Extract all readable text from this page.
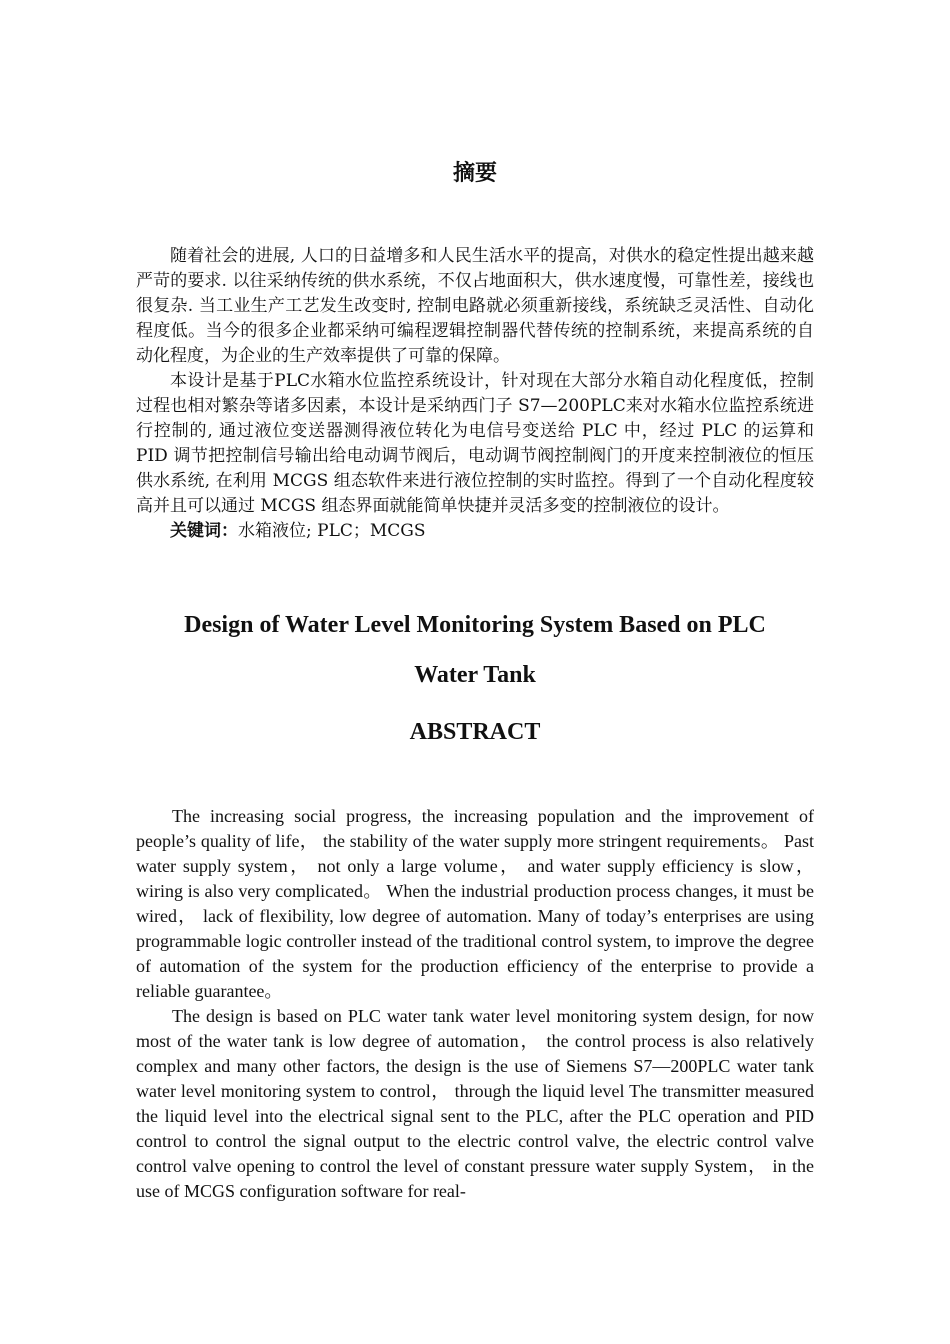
摘要

随着社会的进展, 人口的日益增多和人民生活水平的提高，对供水的稳定性提出越来越严苛的要求. 以往采纳传统的供水系统，不仅占地面积大，供水速度慢，可靠性差，接线也很复杂. 当工业生产工艺发生改变时, 控制电路就必须重新接线，系统缺乏灵活性、自动化程度低。当今的很多企业都采纳可编程逻辑控制器代替传统的控制系统，来提高系统的自动化程度，为企业的生产效率提供了可靠的保障。

本设计是基于PLC水箱水位监控系统设计，针对现在大部分水箱自动化程度低，控制过程也相对繁杂等诸多因素，本设计是采纳西门子 S7—200PLC来对水箱水位监控系统进行控制的, 通过液位变送器测得液位转化为电信号变送给 PLC 中，经过 PLC 的运算和 PID 调节把控制信号输出给电动调节阀后，电动调节阀控制阀门的开度来控制液位的恒压供水系统, 在利用 MCGS 组态软件来进行液位控制的实时监控。得到了一个自动化程度较高并且可以通过 MCGS 组态界面就能简单快捷并灵活多变的控制液位的设计。

关键词：水箱液位; PLC；MCGS

Design of Water Level Monitoring System Based on PLC
Water Tank
ABSTRACT

The increasing social progress, the increasing population and the improvement of people’s quality of life， the stability of the water supply more stringent requirements。 Past water supply system， not only a large volume， and water supply efficiency is slow， wiring is also very complicated。 When the industrial production process changes, it must be wired， lack of flexibility, low degree of automation. Many of today’s enterprises are using programmable logic controller instead of the traditional control system, to improve the degree of automation of the system for the production efficiency of the enterprise to provide a reliable guarantee。

The design is based on PLC water tank water level monitoring system design, for now most of the water tank is low degree of automation， the control process is also relatively complex and many other factors, the design is the use of Siemens S7—200PLC water tank water level monitoring system to control， through the liquid level The transmitter measured the liquid level into the electrical signal sent to the PLC, after the PLC operation and PID control to control the signal output to the electric control valve, the electric control valve control valve opening to control the level of constant pressure water supply System， in the use of MCGS configuration software for real-
